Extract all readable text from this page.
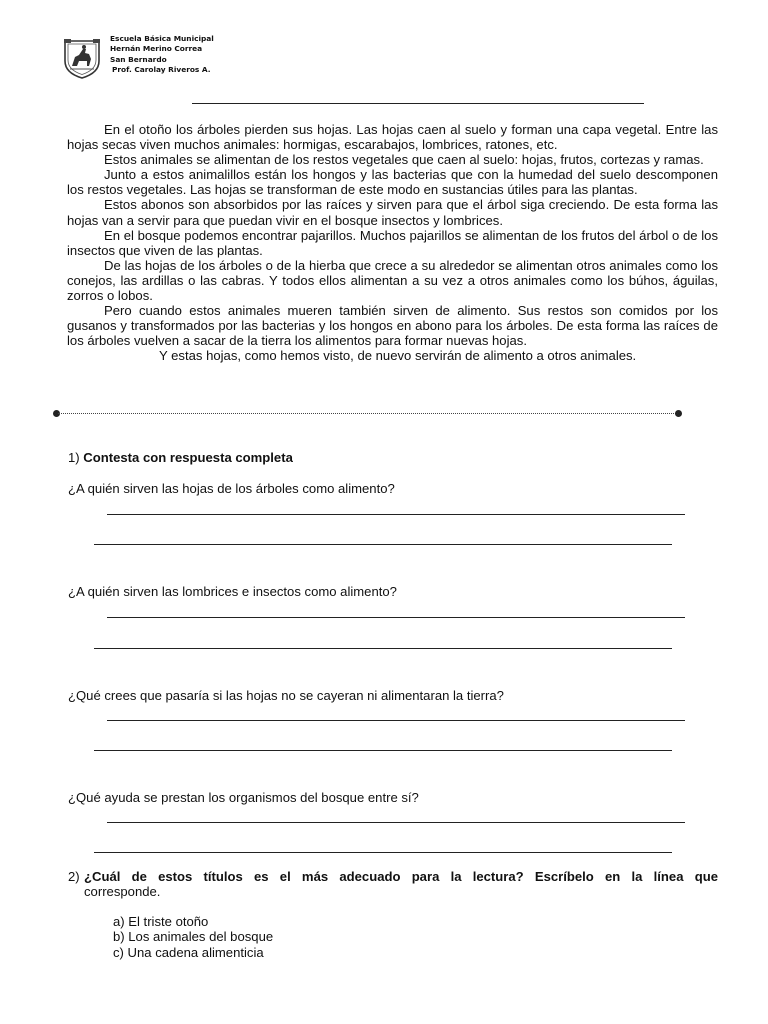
Escuela Básica Municipal
Hernán Merino Correa
San Bernardo
Prof. Carolay Riveros A.

En el otoño los árboles pierden sus hojas. Las hojas caen al suelo y forman una capa vegetal. Entre las hojas secas viven muchos animales: hormigas, escarabajos, lombrices, ratones, etc.

Estos animales se alimentan de los restos vegetales que caen al suelo: hojas, frutos, cortezas y ramas.

Junto a estos animalillos están los hongos y las bacterias que con la humedad del suelo descomponen los restos vegetales. Las hojas se transforman de este modo en sustancias útiles para las plantas.

Estos abonos son absorbidos por las raíces y sirven para que el árbol siga creciendo. De esta forma las hojas van a servir para que puedan vivir en el bosque insectos y lombrices.

En el bosque podemos encontrar pajarillos. Muchos pajarillos se alimentan de los frutos del árbol o de los insectos que viven de las plantas.

De las hojas de los árboles o de la hierba que crece a su alrededor se alimentan otros animales como los conejos, las ardillas o las cabras. Y todos ellos alimentan a su vez a otros animales como los búhos, águilas, zorros o lobos.

Pero cuando estos animales mueren también sirven de alimento. Sus restos son comidos por los gusanos y transformados por las bacterias y los hongos en abono para los árboles. De esta forma las raíces de los árboles vuelven a sacar de la tierra los alimentos para formar nuevas hojas.

Y estas hojas, como hemos visto, de nuevo servirán de alimento a otros animales.

1) Contesta con respuesta completa
¿A quién sirven las hojas de los árboles como alimento?
¿A quién sirven las lombrices e insectos como alimento?
¿Qué crees que pasaría si las hojas no se cayeran ni alimentaran la tierra?
¿Qué ayuda se prestan los organismos del bosque entre sí?
2) ¿Cuál de estos títulos es el más adecuado para la lectura? Escríbelo en la línea que
corresponde.
a) El triste otoño
b) Los animales del bosque
c) Una cadena alimenticia
